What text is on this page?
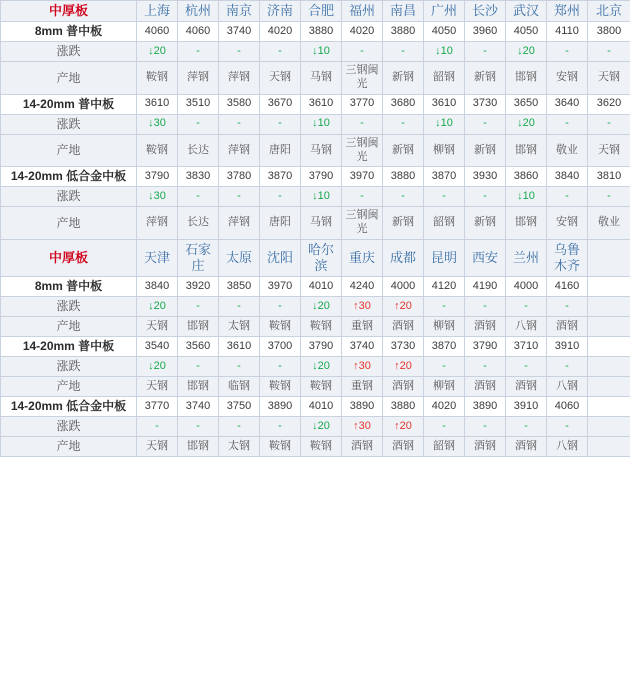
中厚板	上海	杭州	南京	济南	合肥	福州	南昌	广州	长沙	武汉	郑州	北京
8mm 普中板	4060	4060	3740	4020	3880	4020	3880	4050	3960	4050	4110	3800
涨跌	↓20	-	-	-	↓10	-	-	↓10	-	↓20	-	-
产地	鞍钢	萍钢	萍钢	天钢	马钢	三钢闽光	新钢	韶钢	新钢	邯钢	安钢	天钢
14-20mm 普中板	3610	3510	3580	3670	3610	3770	3680	3610	3730	3650	3640	3620
涨跌	↓30	-	-	-	↓10	-	-	↓10	-	↓20	-	-
产地	鞍钢	长达	萍钢	唐阳	马钢	三钢闽光	新钢	柳钢	新钢	邯钢	敬业	天钢
14-20mm 低合金中板	3790	3830	3780	3870	3790	3970	3880	3870	3930	3860	3840	3810
涨跌	↓30	-	-	-	↓10	-	-	-	-	↓10	-	-
产地	萍钢	长达	萍钢	唐阳	马钢	三钢闽光	新钢	韶钢	新钢	邯钢	安钢	敬业
中厚板	天津	石家庄	太原	沈阳	哈尔滨	重庆	成都	昆明	西安	兰州	乌鲁木齐	
8mm 普中板	3840	3920	3850	3970	4010	4240	4000	4120	4190	4000	4160	
涨跌	↓20	-	-	-	↓20	↑30	↑20	-	-	-	-	
产地	天钢	邯钢	太钢	鞍钢	鞍钢	重钢	酒钢	柳钢	酒钢	八钢	酒钢	
14-20mm 普中板	3540	3560	3610	3700	3790	3740	3730	3870	3790	3710	3910	
涨跌	↓20	-	-	-	↓20	↑30	↑20	-	-	-	-	
产地	天钢	邯钢	临钢	鞍钢	鞍钢	重钢	酒钢	柳钢	酒钢	酒钢	八钢	
14-20mm 低合金中板	3770	3740	3750	3890	4010	3890	3880	4020	3890	3910	4060	
涨跌	-	-	-	-	↓20	↑30	↑20	-	-	-	-	
产地	天钢	邯钢	太钢	鞍钢	鞍钢	酒钢	酒钢	韶钢	酒钢	酒钢	八钢	
